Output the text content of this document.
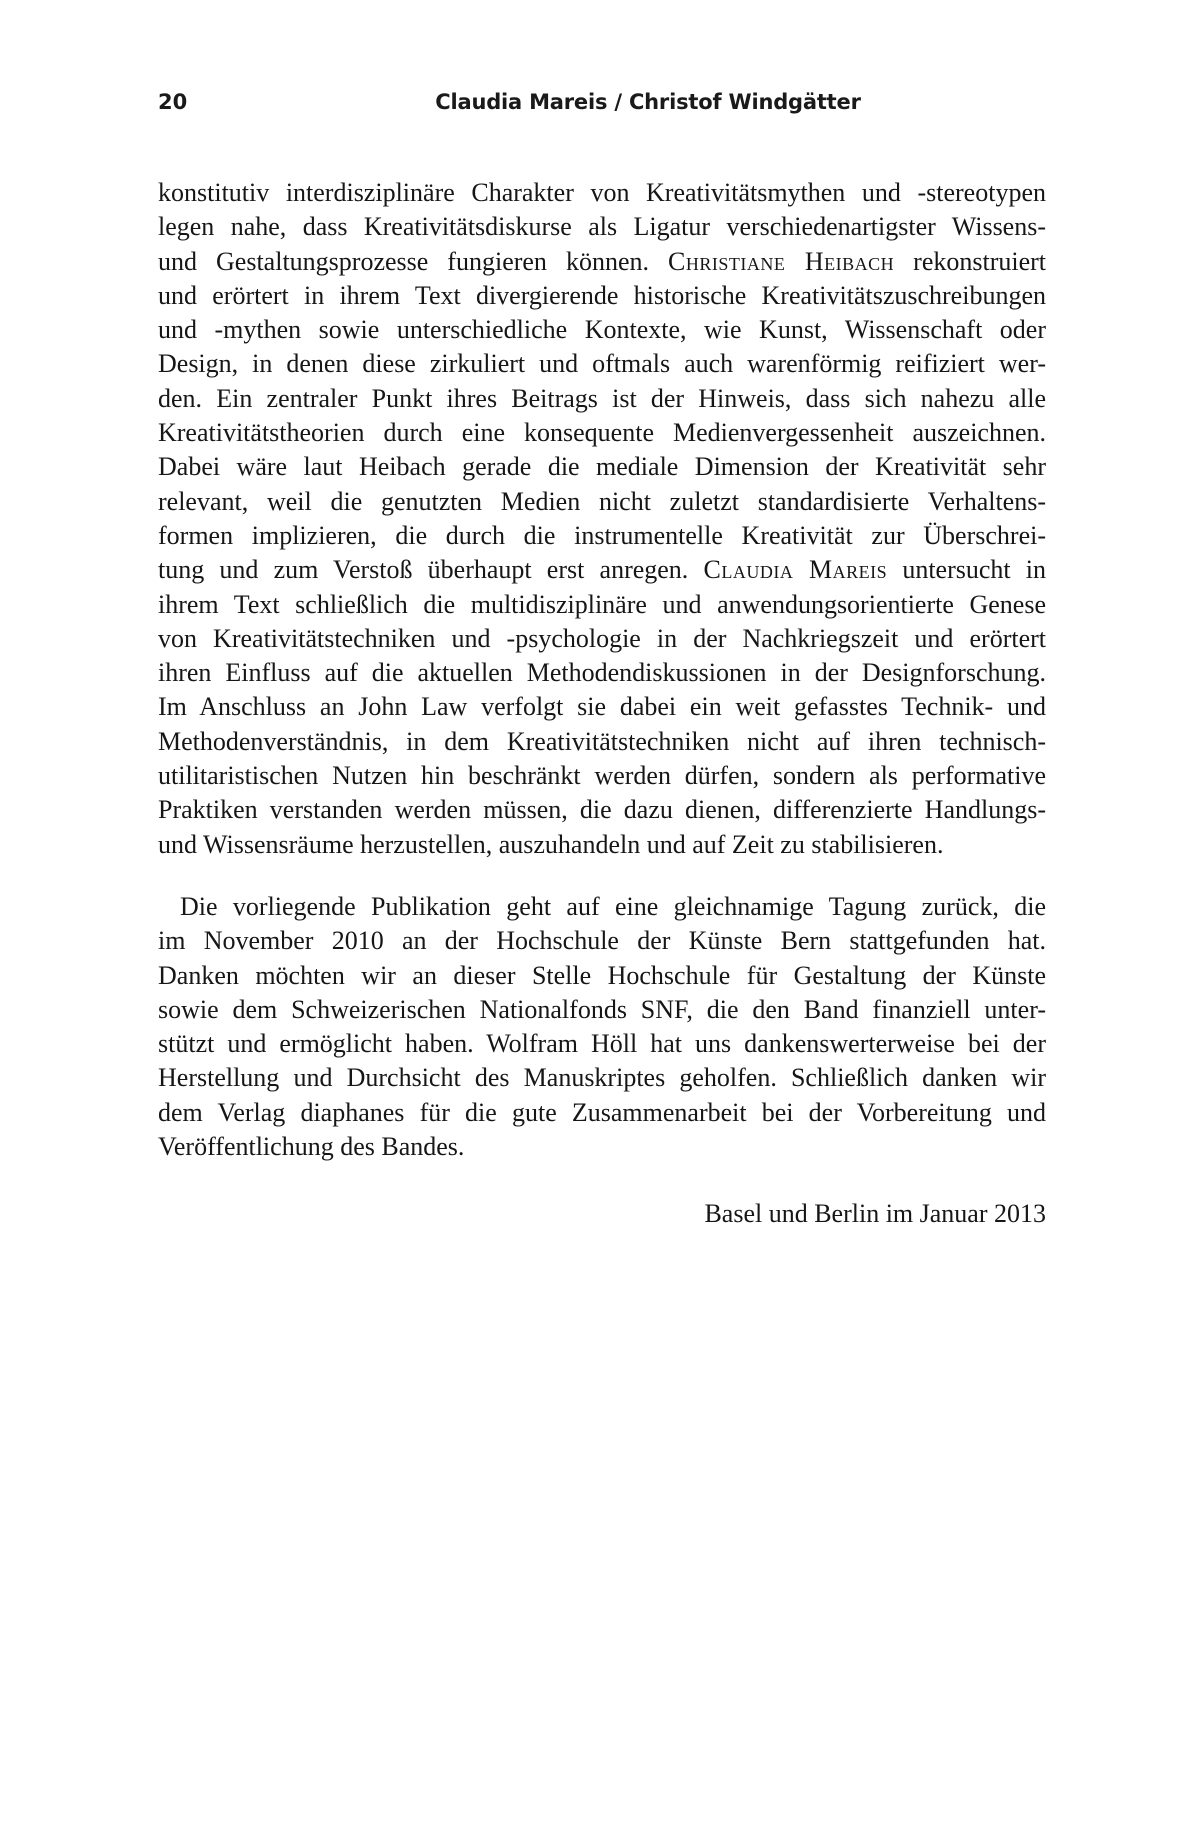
20	Claudia Mareis / Christof Windgätter
konstitutiv interdisziplinäre Charakter von Kreativitätsmythen und -stereotypen
legen nahe, dass Kreativitätsdiskurse als Ligatur verschiedenartigster Wissens-
und Gestaltungsprozesse fungieren können. Christiane Heibach rekonstruiert
und erörtert in ihrem Text divergierende historische Kreativitätszuschreibungen
und -mythen sowie unterschiedliche Kontexte, wie Kunst, Wissenschaft oder
Design, in denen diese zirkuliert und oftmals auch warenförmig reifiziert wer-
den. Ein zentraler Punkt ihres Beitrags ist der Hinweis, dass sich nahezu alle
Kreativitätstheorien durch eine konsequente Medienvergessenheit auszeichnen.
Dabei wäre laut Heibach gerade die mediale Dimension der Kreativität sehr
relevant, weil die genutzten Medien nicht zuletzt standardisierte Verhaltens-
formen implizieren, die durch die instrumentelle Kreativität zur Überschrei-
tung und zum Verstoß überhaupt erst anregen. Claudia Mareis untersucht in
ihrem Text schließlich die multidisziplinäre und anwendungsorientierte Genese
von Kreativitätstechniken und -psychologie in der Nachkriegszeit und erörtert
ihren Einfluss auf die aktuellen Methodendiskussionen in der Designforschung.
Im Anschluss an John Law verfolgt sie dabei ein weit gefasstes Technik- und
Methodenverständnis, in dem Kreativitätstechniken nicht auf ihren technisch-
utilitaristischen Nutzen hin beschränkt werden dürfen, sondern als performative
Praktiken verstanden werden müssen, die dazu dienen, differenzierte Handlungs-
und Wissensräume herzustellen, auszuhandeln und auf Zeit zu stabilisieren.
Die vorliegende Publikation geht auf eine gleichnamige Tagung zurück, die
im November 2010 an der Hochschule der Künste Bern stattgefunden hat.
Danken möchten wir an dieser Stelle Hochschule für Gestaltung der Künste
sowie dem Schweizerischen Nationalfonds SNF, die den Band finanziell unter-
stützt und ermöglicht haben. Wolfram Höll hat uns dankenswerterweise bei der
Herstellung und Durchsicht des Manuskriptes geholfen. Schließlich danken wir
dem Verlag diaphanes für die gute Zusammenarbeit bei der Vorbereitung und
Veröffentlichung des Bandes.
Basel und Berlin im Januar 2013
